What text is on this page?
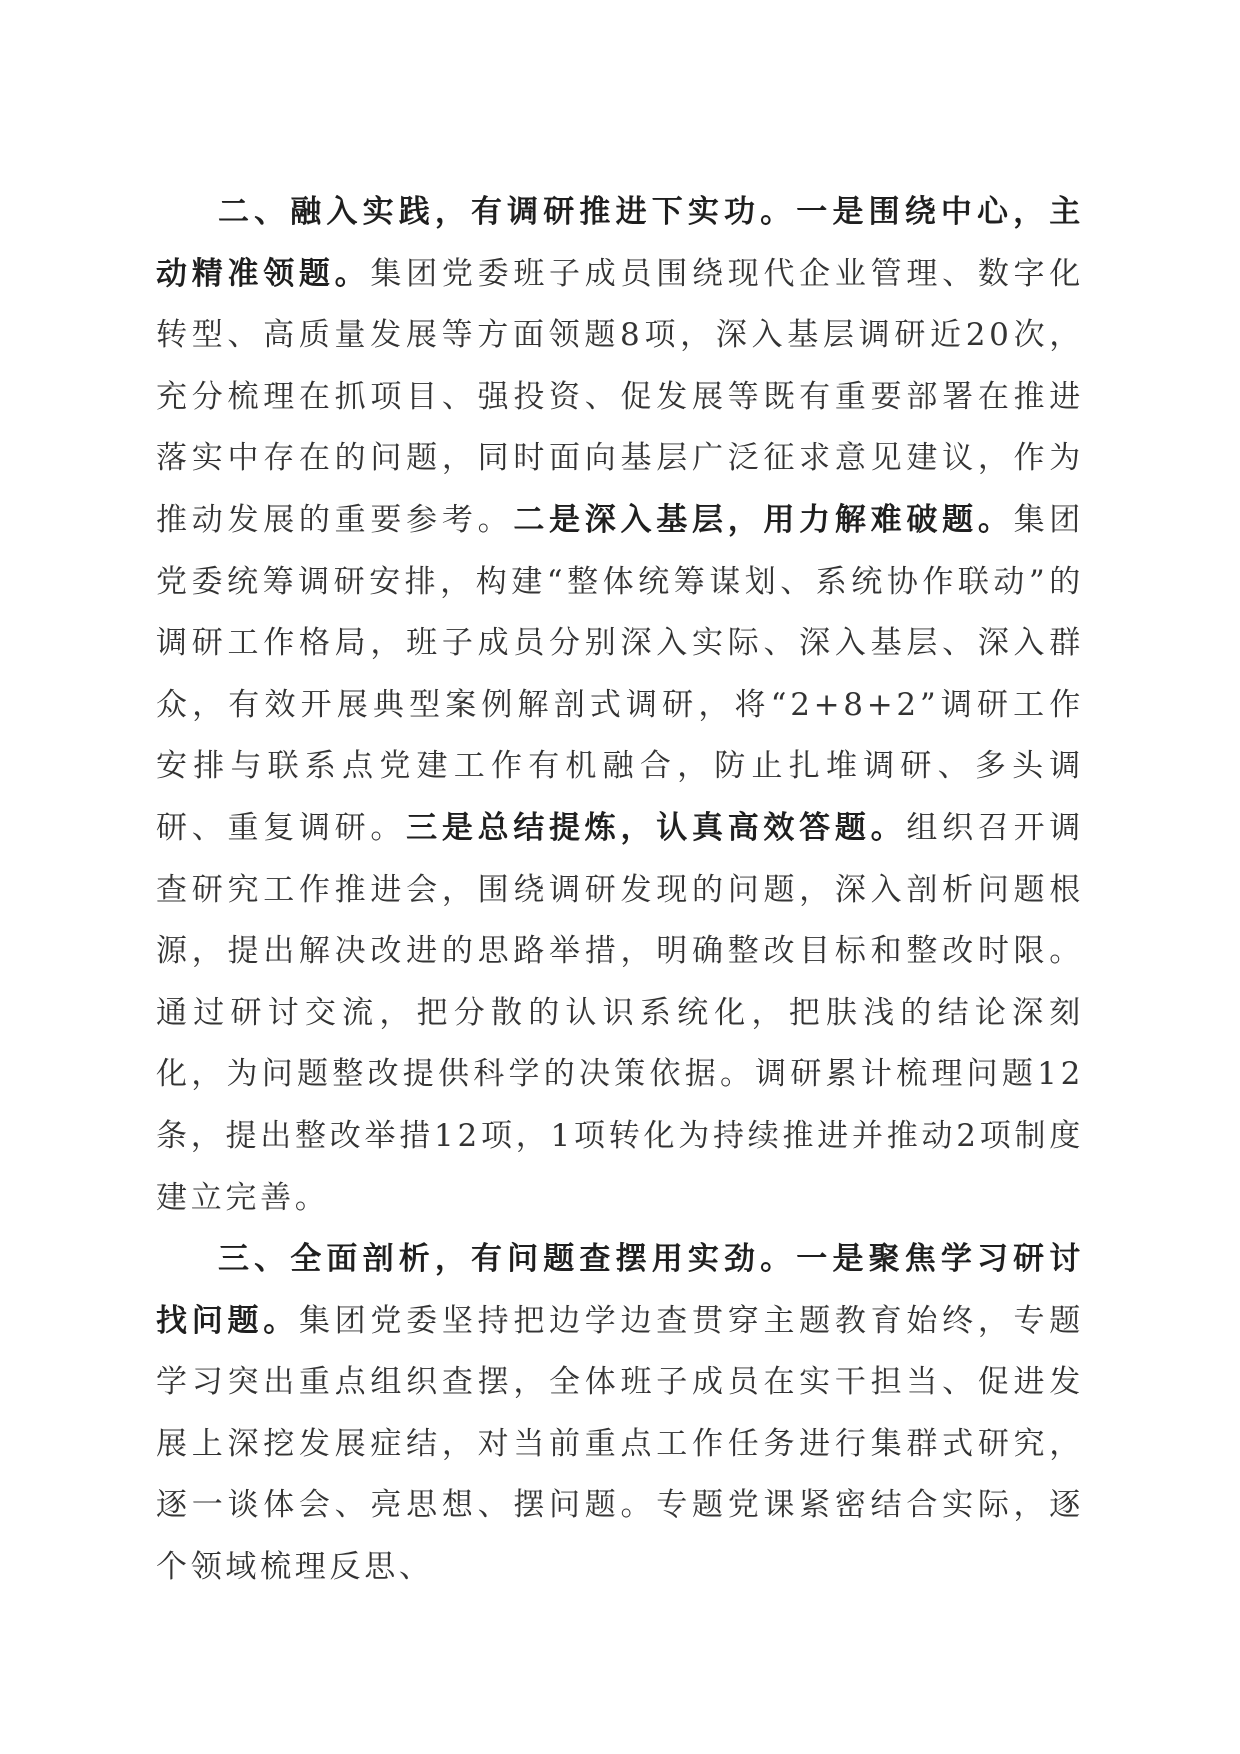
二、融入实践，有调研推进下实功。一是围绕中心，主动精准领题。集团党委班子成员围绕现代企业管理、数字化转型、高质量发展等方面领题8项，深入基层调研近20次，充分梳理在抓项目、强投资、促发展等既有重要部署在推进落实中存在的问题，同时面向基层广泛征求意见建议，作为推动发展的重要参考。二是深入基层，用力解难破题。集团党委统筹调研安排，构建“整体统筹谋划、系统协作联动”的调研工作格局，班子成员分别深入实际、深入基层、深入群众，有效开展典型案例解剖式调研，将“2+8+2”调研工作安排与联系点党建工作有机融合，防止扎堆调研、多头调研、重复调研。三是总结提炼，认真高效答题。组织召开调查研究工作推进会，围绕调研发现的问题，深入剖析问题根源，提出解决改进的思路举措，明确整改目标和整改时限。通过研讨交流，把分散的认识系统化，把肤浅的结论深刻化，为问题整改提供科学的决策依据。调研累计梳理问题12条，提出整改举措12项，1项转化为持续推进并推动2项制度建立完善。

三、全面剖析，有问题查摆用实劲。一是聚焦学习研讨找问题。集团党委坚持把边学边查贯穿主题教育始终，专题学习突出重点组织查摆，全体班子成员在实干担当、促进发展上深挖发展症结，对当前重点工作任务进行集群式研究，逐一谈体会、亮思想、摆问题。专题党课紧密结合实际，逐个领域梳理反思、
